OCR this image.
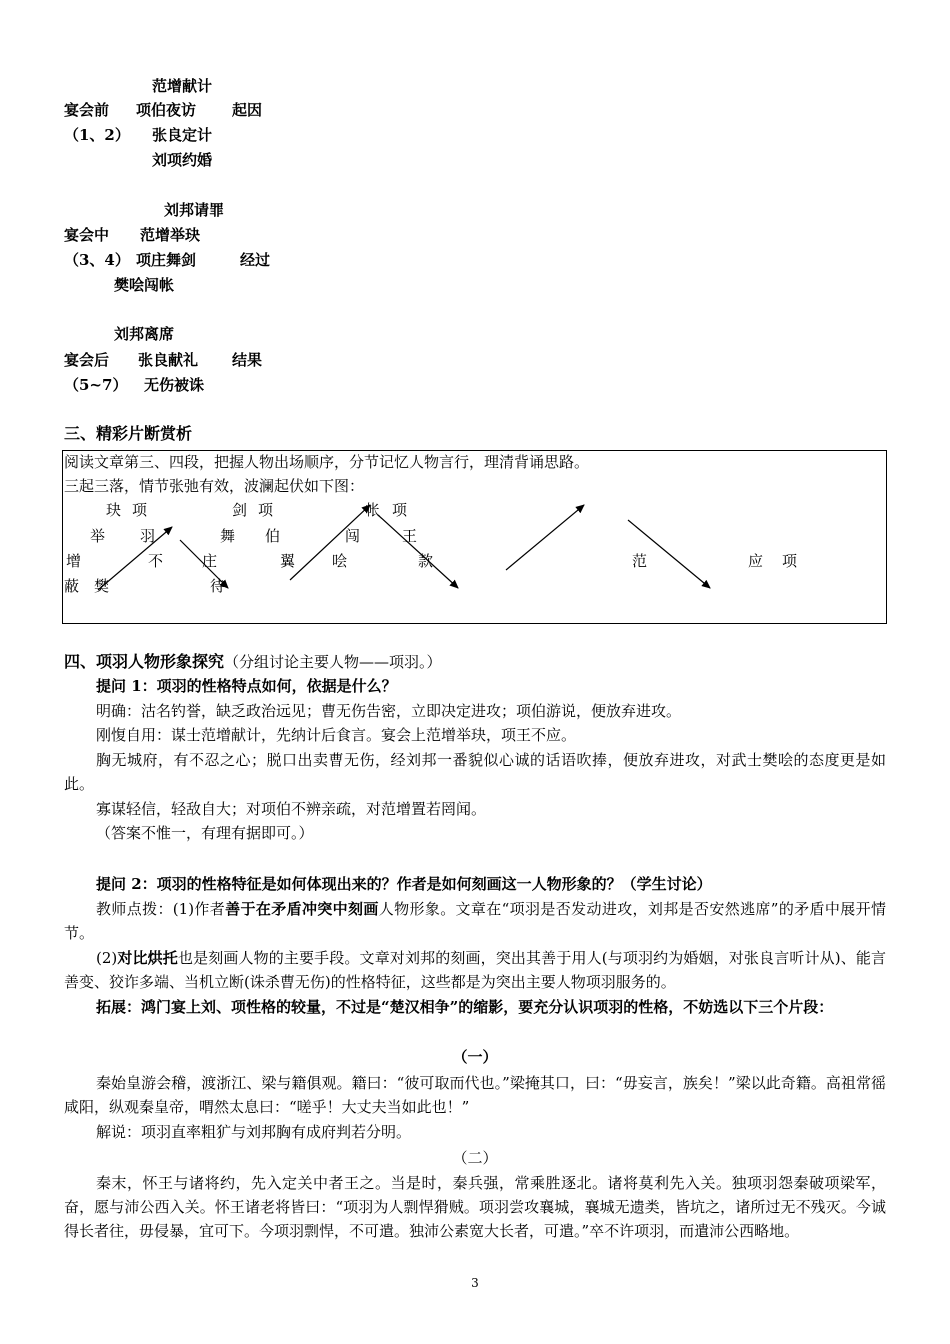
范增献计
宴会前 项伯夜访 起因
（1、2） 张良定计
刘项约婚
刘邦请罪
宴会中 范增举玦
（3、4） 项庄舞剑	经过
樊哙闯帐
刘邦离席
宴会后 张良献礼 结果
（5~7） 无伤被诛
三、精彩片断赏析
阅读文章第三、四段，把握人物出场顺序，分节记忆人物言行，理清背诵思路。
三起三落，情节张弛有效，波澜起伏如下图：
玦 项	剑 项	帐 项
举 羽	舞 伯	闯	王
增	不	庄	翼 哙	款	范	应 项
蔽 樊	待
四、项羽人物形象探究（分组讨论主要人物——项羽。）
提问 1：项羽的性格特点如何，依据是什么？
明确：沽名钓誉，缺乏政治远见；曹无伤告密，立即决定进攻；项伯游说，便放弃进攻。
刚愎自用：谋士范增献计，先纳计后食言。宴会上范增举玦，项王不应。
胸无城府，有不忍之心；脱口出卖曹无伤，经刘邦一番貌似心诚的话语吹捧，便放弃进攻，对武士樊哙的态度更是如此。
寡谋轻信，轻敌自大；对项伯不辨亲疏，对范增置若罔闻。
（答案不惟一，有理有据即可。）
提问 2：项羽的性格特征是如何体现出来的？作者是如何刻画这一人物形象的？（学生讨论）
教师点拨：(1)作者善于在矛盾冲突中刻画人物形象。文章在“项羽是否发动进攻，刘邦是否安然逃席”的矛盾中展开情节。
(2)对比烘托也是刻画人物的主要手段。文章对刘邦的刻画，突出其善于用人(与项羽约为婚姻，对张良言听计从)、能言善变、狡诈多端、当机立断(诛杀曹无伤)的性格特征，这些都是为突出主要人物项羽服务的。
拓展：鸿门宴上刘、项性格的较量，不过是“楚汉相争”的缩影，要充分认识项羽的性格，不妨选以下三个片段：
（一）
秦始皇游会稽，渡浙江、梁与籍俱观。籍曰：“彼可取而代也。”梁掩其口，曰：“毋妄言，族矣！”梁以此奇籍。高祖常徭咸阳，纵观秦皇帝，喟然太息曰：“嗟乎！大丈夫当如此也！”
解说：项羽直率粗犷与刘邦胸有成府判若分明。
（二）
秦末，怀王与诸将约，先入定关中者王之。当是时，秦兵强，常乘胜逐北。诸将莫利先入关。独项羽怨秦破项梁军，奋，愿与沛公西入关。怀王诸老将皆曰：“项羽为人剽悍猾贼。项羽尝攻襄城，襄城无遗类，皆坑之，诸所过无不残灭。今诚得长者往，毋侵暴，宜可下。今项羽剽悍，不可遣。独沛公素宽大长者，可遣。”卒不许项羽，而遣沛公西略地。
3
